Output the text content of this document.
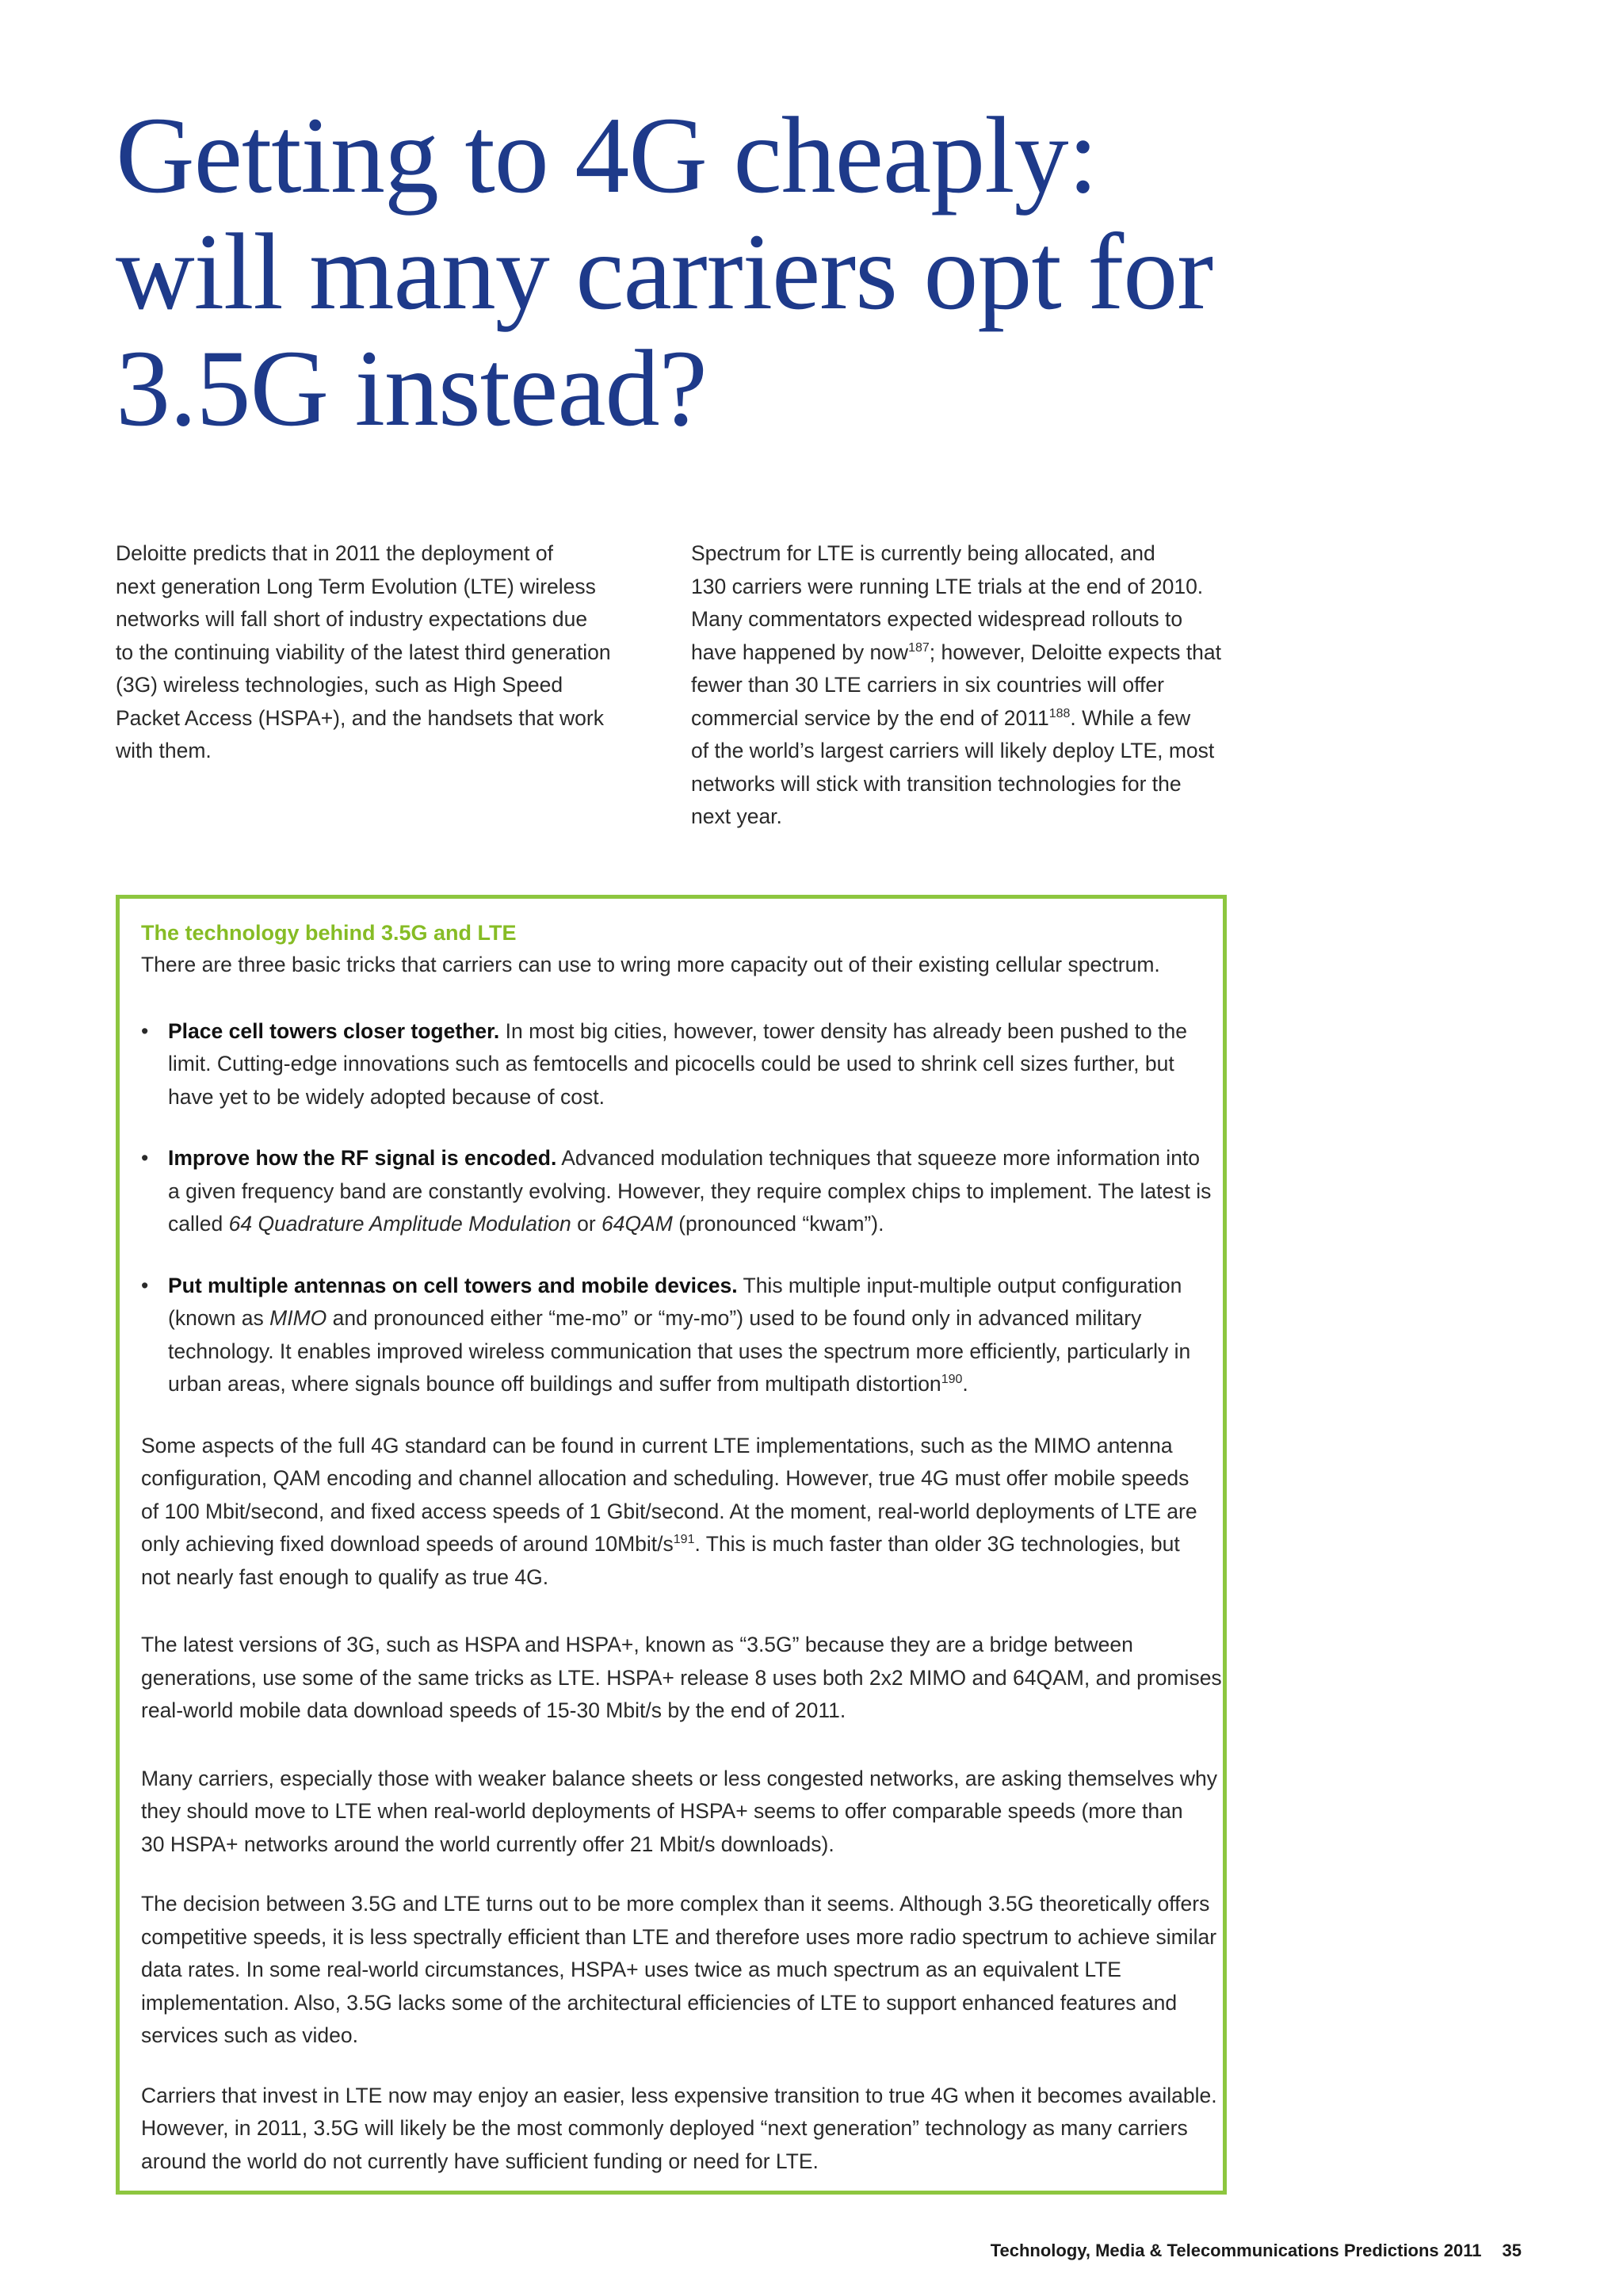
Getting to 4G cheaply:
will many carriers opt for
3.5G instead?
Deloitte predicts that in 2011 the deployment of
next generation Long Term Evolution (LTE) wireless
networks will fall short of industry expectations due
to the continuing viability of the latest third generation
(3G) wireless technologies, such as High Speed
Packet Access (HSPA+), and the handsets that work
with them.
Spectrum for LTE is currently being allocated, and
130 carriers were running LTE trials at the end of 2010.
Many commentators expected widespread rollouts to
have happened by now$^{187}$; however, Deloitte expects that
fewer than 30 LTE carriers in six countries will offer
commercial service by the end of 2011$^{188}$. While a few
of the world’s largest carriers will likely deploy LTE, most
networks will stick with transition technologies for the
next year.
The technology behind 3.5G and LTE

There are three basic tricks that carriers can use to wring more capacity out of their existing cellular spectrum.

• Place cell towers closer together. In most big cities, however, tower density has already been pushed to the
limit. Cutting-edge innovations such as femtocells and picocells could be used to shrink cell sizes further, but
have yet to be widely adopted because of cost.
• Improve how the RF signal is encoded. Advanced modulation techniques that squeeze more information into
a given frequency band are constantly evolving. However, they require complex chips to implement. The latest is
called 64 Quadrature Amplitude Modulation or 64QAM (pronounced “kwam”).
• Put multiple antennas on cell towers and mobile devices. This multiple input-multiple output configuration
(known as MIMO and pronounced either “me-mo” or “my-mo”) used to be found only in advanced military
technology. It enables improved wireless communication that uses the spectrum more efficiently, particularly in
urban areas, where signals bounce off buildings and suffer from multipath distortion$^{190}$.

Some aspects of the full 4G standard can be found in current LTE implementations, such as the MIMO antenna
configuration, QAM encoding and channel allocation and scheduling. However, true 4G must offer mobile speeds
of 100 Mbit/second, and fixed access speeds of 1 Gbit/second. At the moment, real-world deployments of LTE are
only achieving fixed download speeds of around $10Mbit/s^{191}$. This is much faster than older 3G technologies, but
not nearly fast enough to qualify as true 4G.

The latest versions of 3G, such as HSPA and HSPA+, known as “3.5G” because they are a bridge between
generations, use some of the same tricks as LTE. HSPA+ release 8 uses both 2x2 MIMO and 64QAM, and promises
real-world mobile data download speeds of 15-30 Mbit/s by the end of 2011.

Many carriers, especially those with weaker balance sheets or less congested networks, are asking themselves why
they should move to LTE when real-world deployments of HSPA+ seems to offer comparable speeds (more than
30 HSPA+ networks around the world currently offer 21 Mbit/s downloads).

The decision between 3.5G and LTE turns out to be more complex than it seems. Although 3.5G theoretically offers
competitive speeds, it is less spectrally efficient than LTE and therefore uses more radio spectrum to achieve similar
data rates. In some real-world circumstances, HSPA+ uses twice as much spectrum as an equivalent LTE
implementation. Also, 3.5G lacks some of the architectural efficiencies of LTE to support enhanced features and
services such as video.

Carriers that invest in LTE now may enjoy an easier, less expensive transition to true 4G when it becomes available.
However, in 2011, 3.5G will likely be the most commonly deployed “next generation” technology as many carriers
around the world do not currently have sufficient funding or need for LTE.

Technology, Media & Telecommunications Predictions 2011 35
